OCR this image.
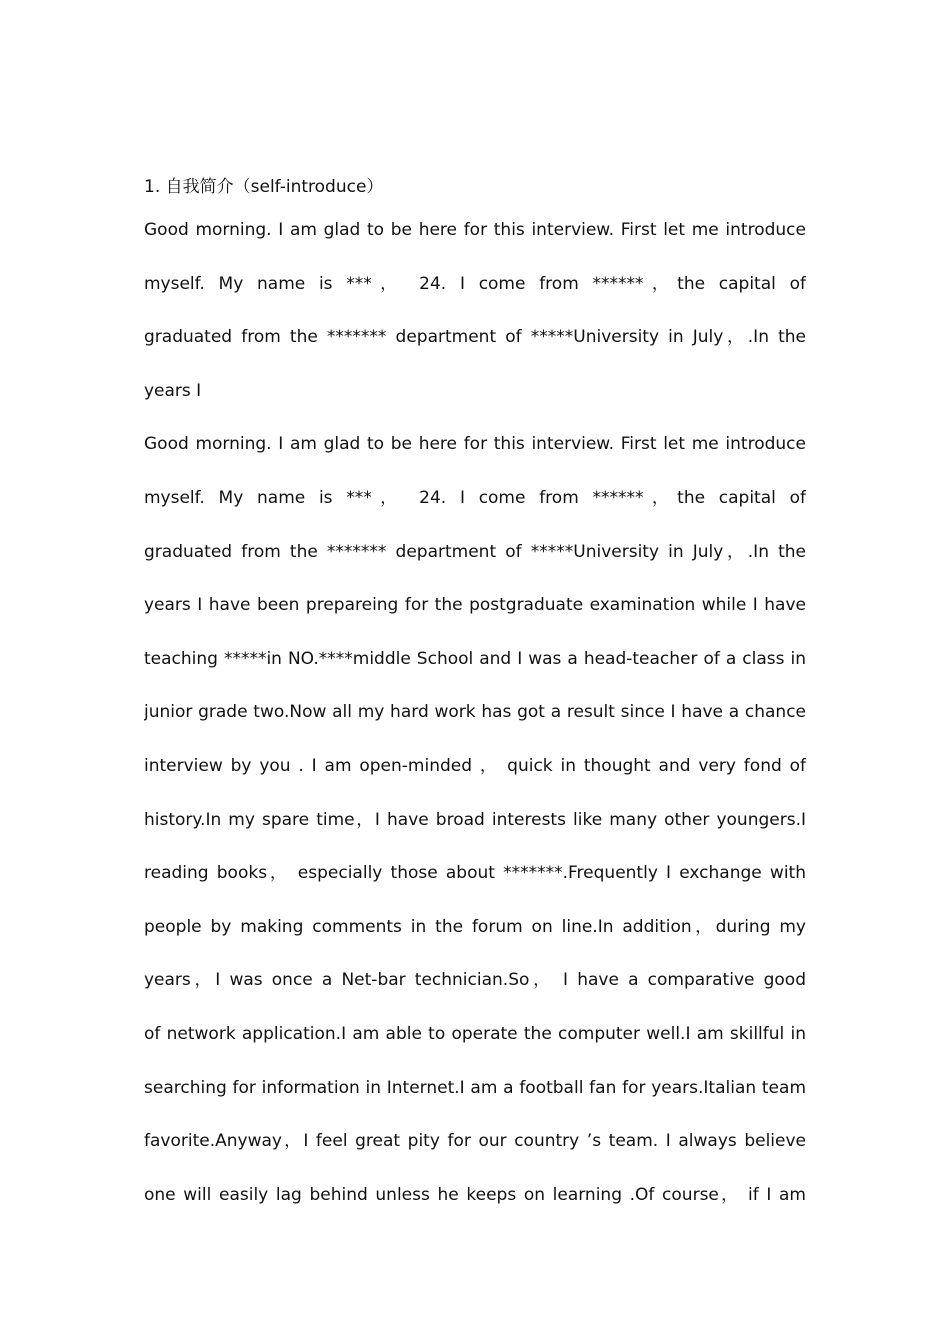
1. 自我简介（self-introduce）

Good morning. I am glad to be here for this interview. First let me introduce
myself. My name is ***， 24. I come from ******，the capital of
graduated from the ******* department of *****University in July，.In the
years I
Good morning. I am glad to be here for this interview. First let me introduce
myself. My name is ***， 24. I come from ******，the capital of
graduated from the ******* department of *****University in July，.In the
years I have been prepareing for the postgraduate examination while I have
teaching *****in NO.****middle School and I was a head-teacher of a class in
junior grade two.Now all my hard work has got a result since I have a chance
interview by you . I am open-minded ， quick in thought and very fond of
history.In my spare time，I have broad interests like many other youngers.I
reading books， especially those about *******.Frequently I exchange with
people by making comments in the forum on line.In addition，during my
years，I was once a Net-bar technician.So， I have a comparative good
of network application.I am able to operate the computer well.I am skillful in
searching for information in Internet.I am a football fan for years.Italian team
favorite.Anyway，I feel great pity for our country ’s team. I always believe
one will easily lag behind unless he keeps on learning .Of course， if I am
